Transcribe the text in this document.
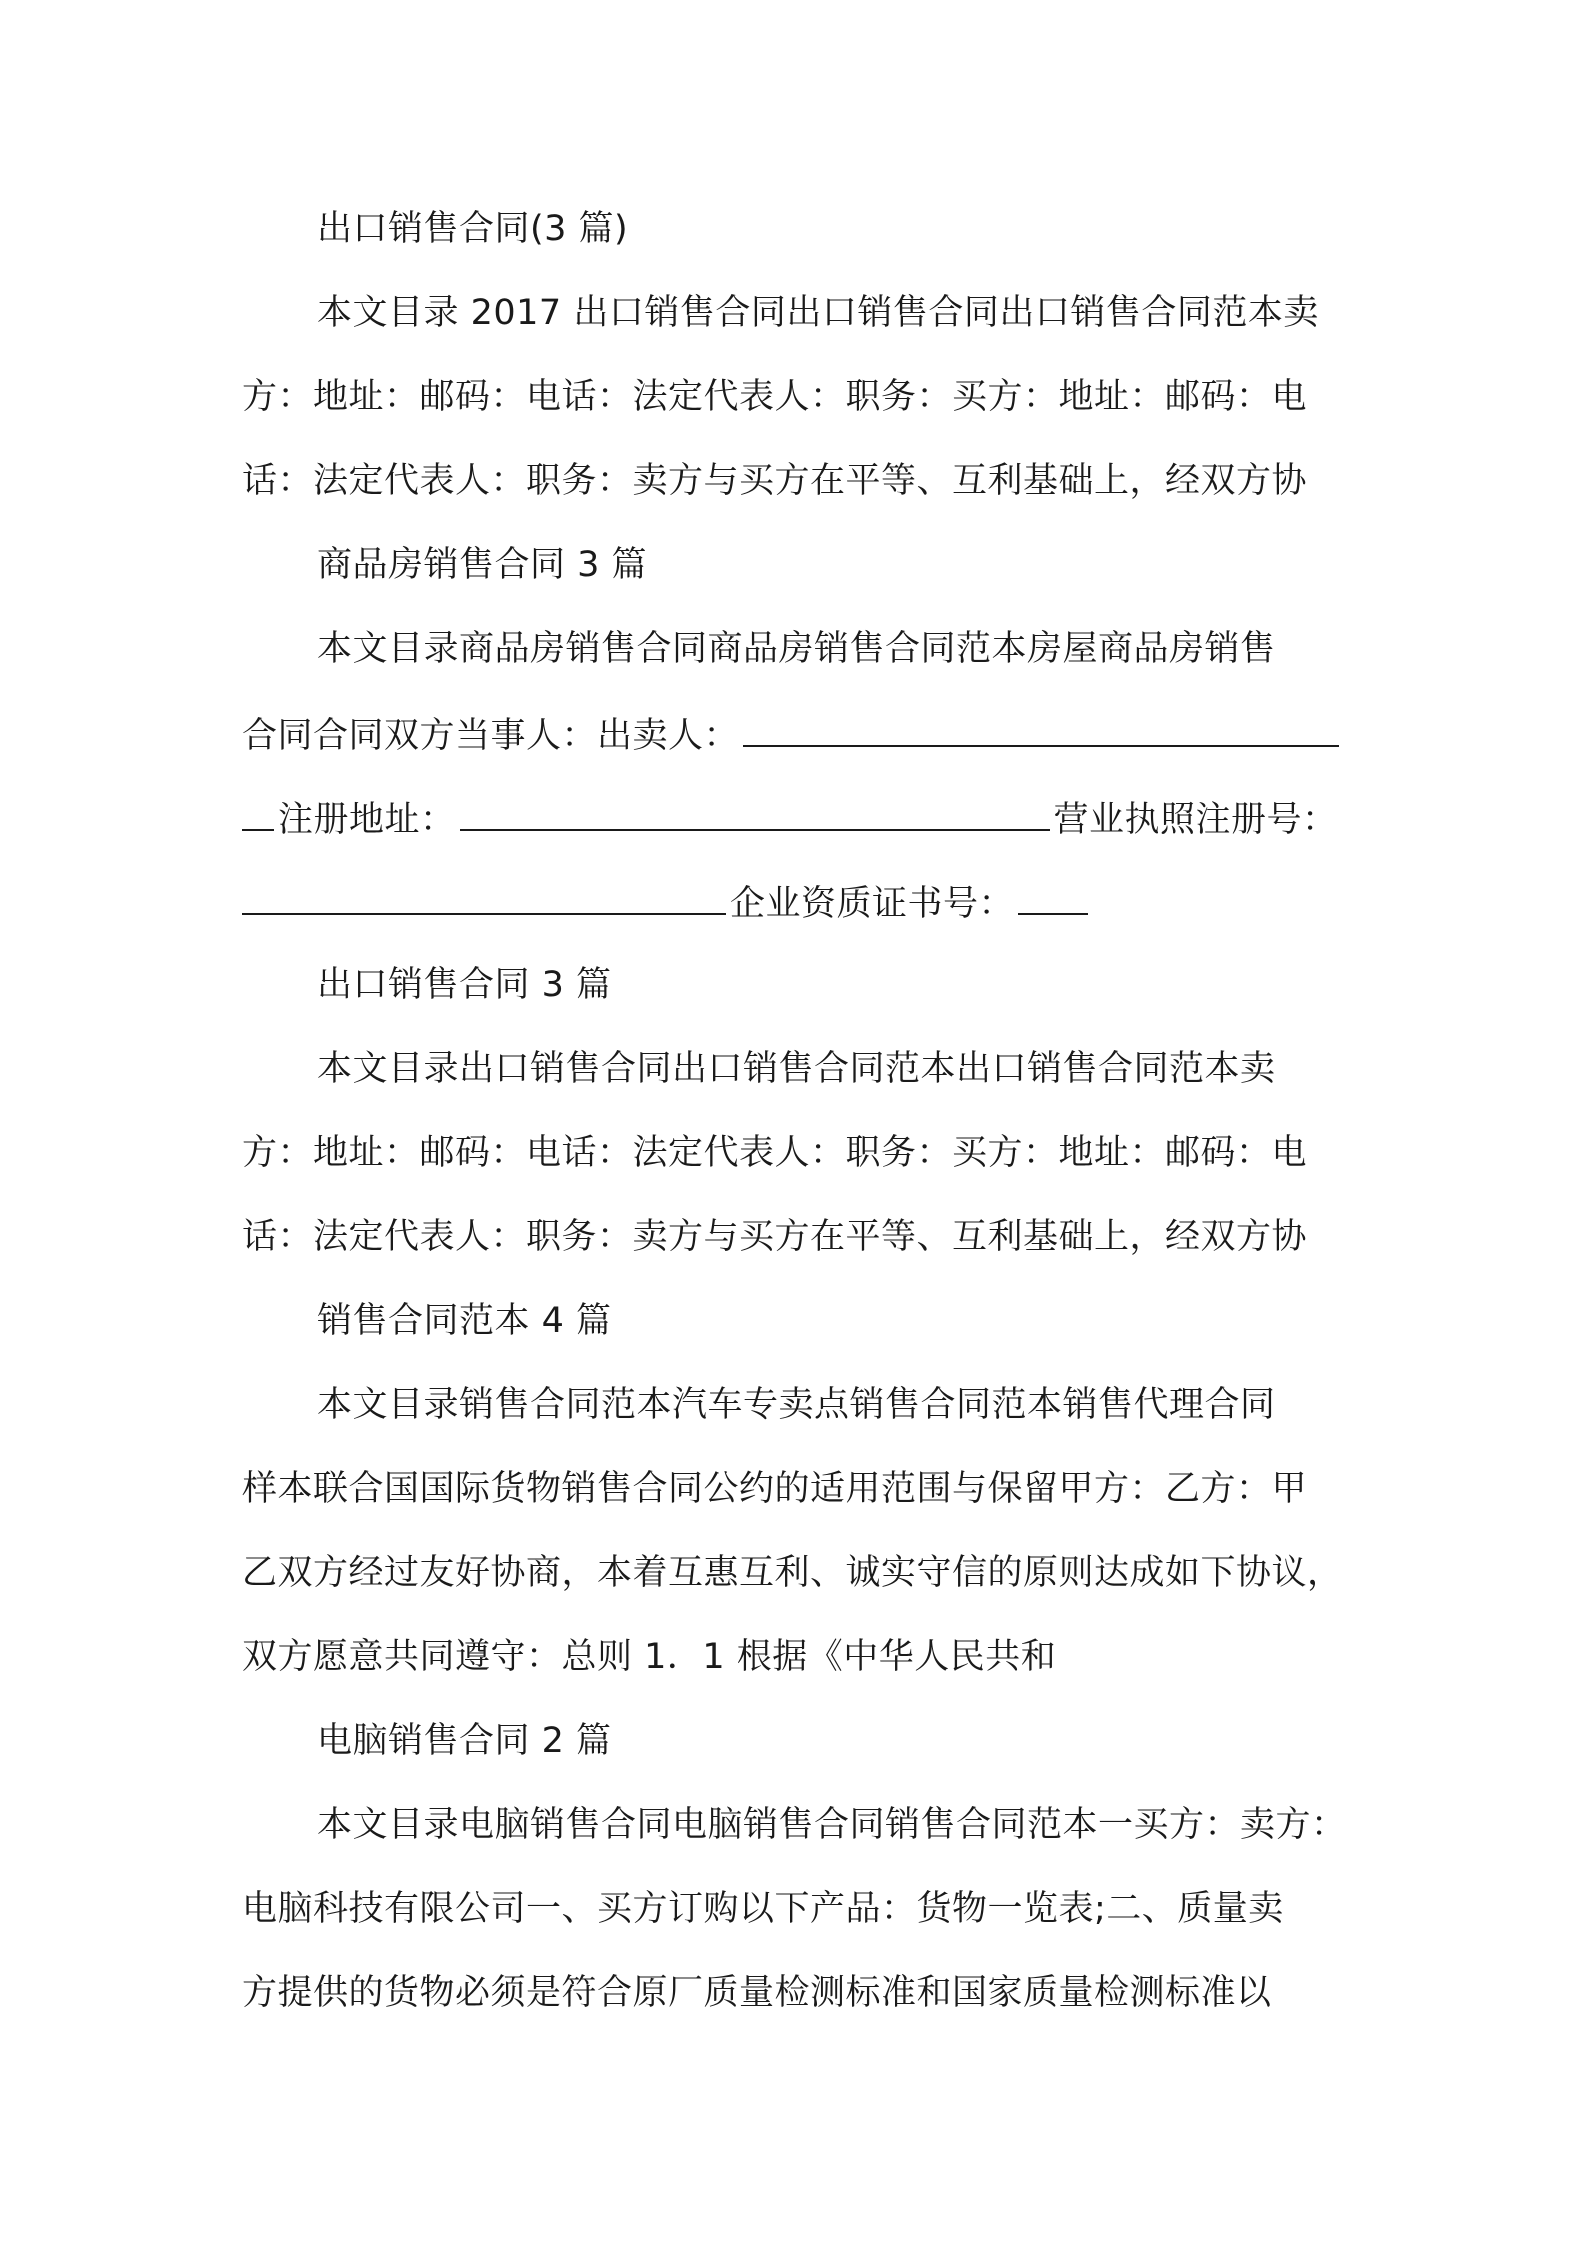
出口销售合同(3 篇)
本文目录 2017 出口销售合同出口销售合同出口销售合同范本卖
方：地址：邮码：电话：法定代表人：职务：买方：地址：邮码：电
话：法定代表人：职务：卖方与买方在平等、互利基础上，经双方协
商品房销售合同 3 篇
本文目录商品房销售合同商品房销售合同范本房屋商品房销售
合同合同双方当事人：出卖人：
注册地址：	营业执照注册号：
企业资质证书号：
出口销售合同 3 篇
本文目录出口销售合同出口销售合同范本出口销售合同范本卖
方：地址：邮码：电话：法定代表人：职务：买方：地址：邮码：电
话：法定代表人：职务：卖方与买方在平等、互利基础上，经双方协
销售合同范本 4 篇
本文目录销售合同范本汽车专卖点销售合同范本销售代理合同
样本联合国国际货物销售合同公约的适用范围与保留甲方：乙方：甲
乙双方经过友好协商，本着互惠互利、诚实守信的原则达成如下协议，
双方愿意共同遵守：总则 1．1 根据《中华人民共和
电脑销售合同 2 篇
本文目录电脑销售合同电脑销售合同销售合同范本一买方：卖方：
电脑科技有限公司一、买方订购以下产品：货物一览表;二、质量卖
方提供的货物必须是符合原厂质量检测标准和国家质量检测标准以
